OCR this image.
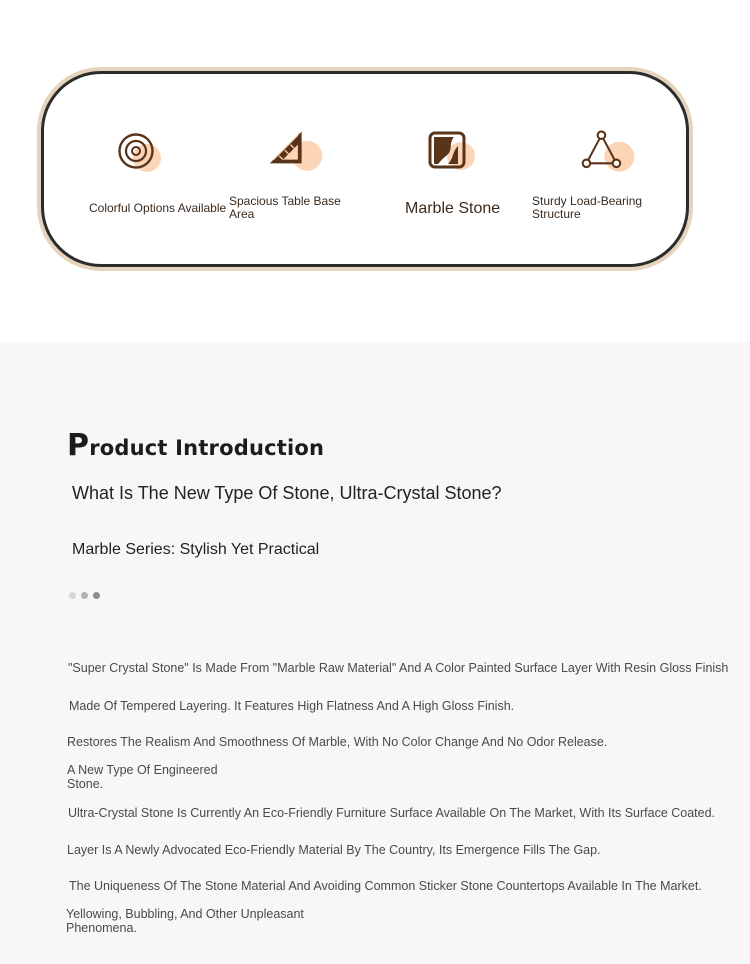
Colorful Options Available Spacious Table Base
Area	Marble Stone	Sturdy Load-Bearing
Structure
Product Introduction
What Is The New Type Of Stone, Ultra-Crystal Stone?
Marble Series: Stylish Yet Practical
"Super Crystal Stone" Is Made From "Marble Raw Material" And A Color Painted Surface Layer With Resin Gloss Finish
Made Of Tempered Layering. It Features High Flatness And A High Gloss Finish.
Restores The Realism And Smoothness Of Marble, With No Color Change And No Odor Release.
A New Type Of Engineered
Stone.
Ultra-Crystal Stone Is Currently An Eco-Friendly Furniture Surface Available On The Market, With Its Surface Coated.
Layer Is A Newly Advocated Eco-Friendly Material By The Country, Its Emergence Fills The Gap.
The Uniqueness Of The Stone Material And Avoiding Common Sticker Stone Countertops Available In The Market.
Yellowing, Bubbling, And Other Unpleasant
Phenomena.
